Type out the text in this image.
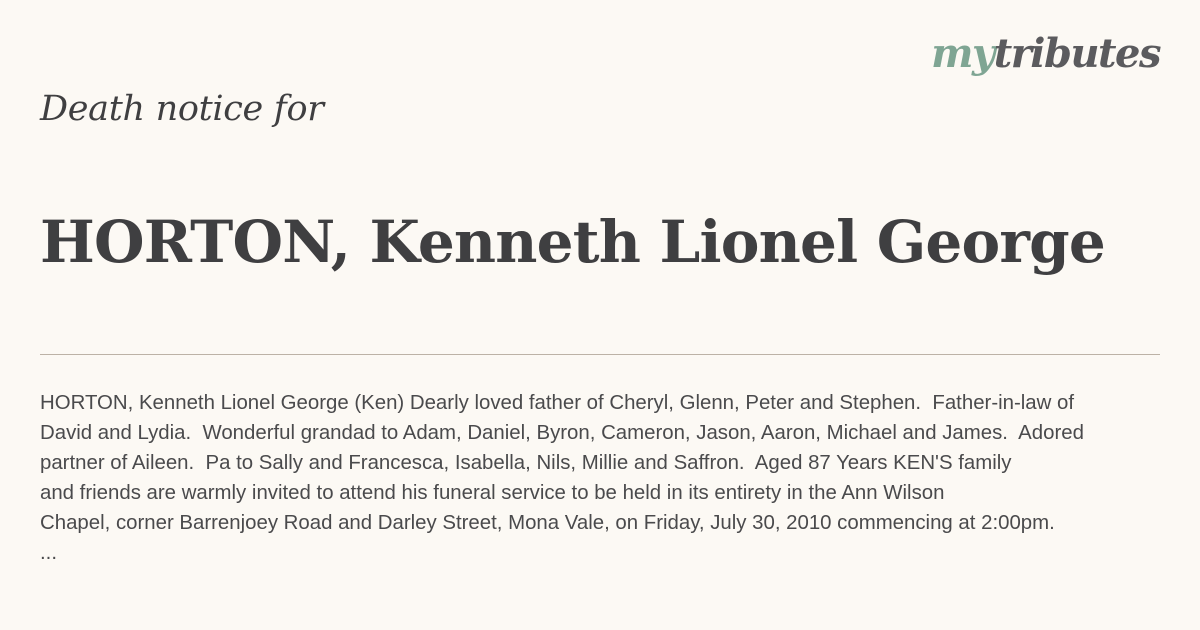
mytributes
Death notice for
HORTON, Kenneth Lionel George
HORTON, Kenneth Lionel George (Ken) Dearly loved father of Cheryl, Glenn, Peter and Stephen.  Father-in-law of
David and Lydia.  Wonderful grandad to Adam, Daniel, Byron, Cameron, Jason, Aaron, Michael and James.  Adored
partner of Aileen.  Pa to Sally and Francesca, Isabella, Nils, Millie and Saffron.  Aged 87 Years KEN'S family
and friends are warmly invited to attend his funeral service to be held in its entirety in the Ann Wilson
Chapel, corner Barrenjoey Road and Darley Street, Mona Vale, on Friday, July 30, 2010 commencing at 2:00pm.
...
